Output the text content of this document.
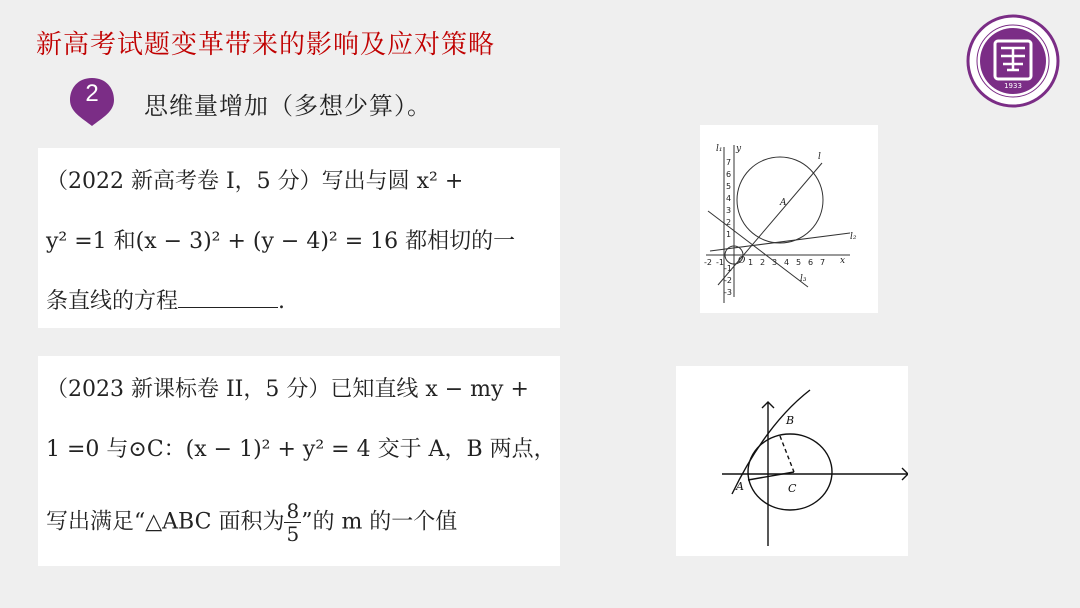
新高考试题变革带来的影响及应对策略
2	思维量增加（多想少算）。
1933
（2022 新高考卷 I，5 分）写出与圆 x² +
y² =1 和(x − 3)² + (y − 4)² = 16 都相切的一
条直线的方程	.
（2023 新课标卷 II，5 分）已知直线 x − my +
1 =0 与⊙C：(x − 1)² + y² = 4 交于 A，B 两点，
写出满足“△ABC 面积为 $\frac{8}{5}$ ”的 m 的一个值
l₁ y
l
A
l₂
l₃
x
O
7
6
5
4
3
2
1
-1
-2
-3
-2 -1	1 2 3 4 5 6 7
A
B
C
